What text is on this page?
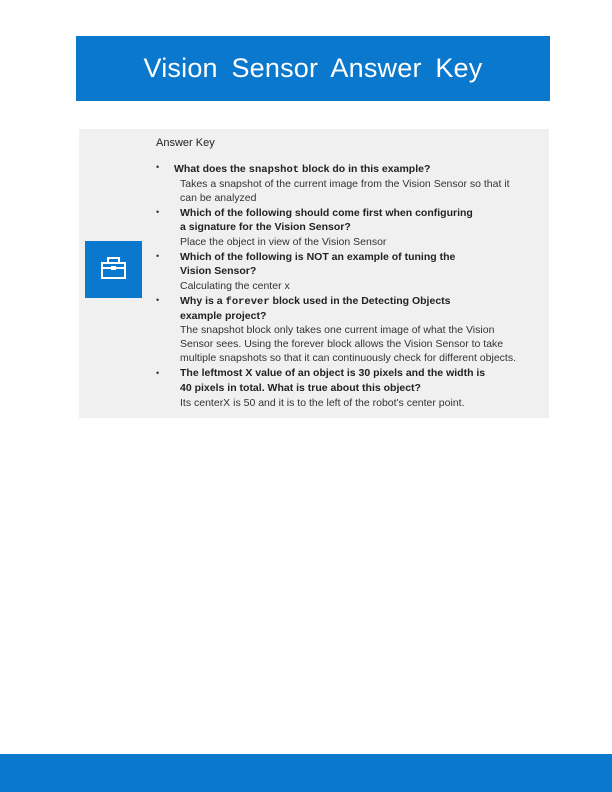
Vision Sensor Answer Key
Answer Key
• What does the snapshot block do in this example?
Takes a snapshot of the current image from the Vision Sensor so that it
can be analyzed
• Which of the following should come first when configuring
a signature for the Vision Sensor?
Place the object in view of the Vision Sensor
• Which of the following is NOT an example of tuning the
Vision Sensor?
Calculating the center x
• Why is a forever block used in the Detecting Objects
example project?
The snapshot block only takes one current image of what the Vision
Sensor sees. Using the forever block allows the Vision Sensor to take
multiple snapshots so that it can continuously check for different objects.
• The leftmost X value of an object is 30 pixels and the width is
40 pixels in total. What is true about this object?
Its centerX is 50 and it is to the left of the robot's center point.
